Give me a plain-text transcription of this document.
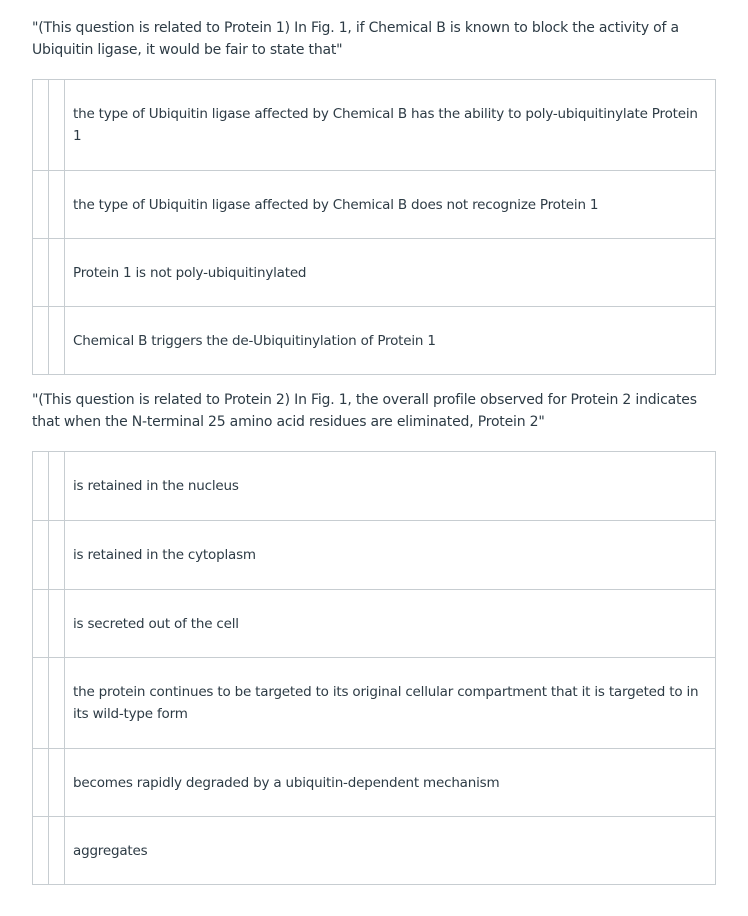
"(This question is related to Protein 1) In Fig. 1, if Chemical B is known to block the activity of a Ubiquitin ligase, it would be fair to state that"
the type of Ubiquitin ligase affected by Chemical B has the ability to poly-ubiquitinylate Protein 1
the type of Ubiquitin ligase affected by Chemical B does not recognize Protein 1
Protein 1 is not poly-ubiquitinylated
Chemical B triggers the de-Ubiquitinylation of Protein 1
"(This question is related to Protein 2) In Fig. 1, the overall profile observed for Protein 2 indicates that when the N-terminal 25 amino acid residues are eliminated, Protein 2"
is retained in the nucleus
is retained in the cytoplasm
is secreted out of the cell
the protein continues to be targeted to its original cellular compartment that it is targeted to in its wild-type form
becomes rapidly degraded by a ubiquitin-dependent mechanism
aggregates
